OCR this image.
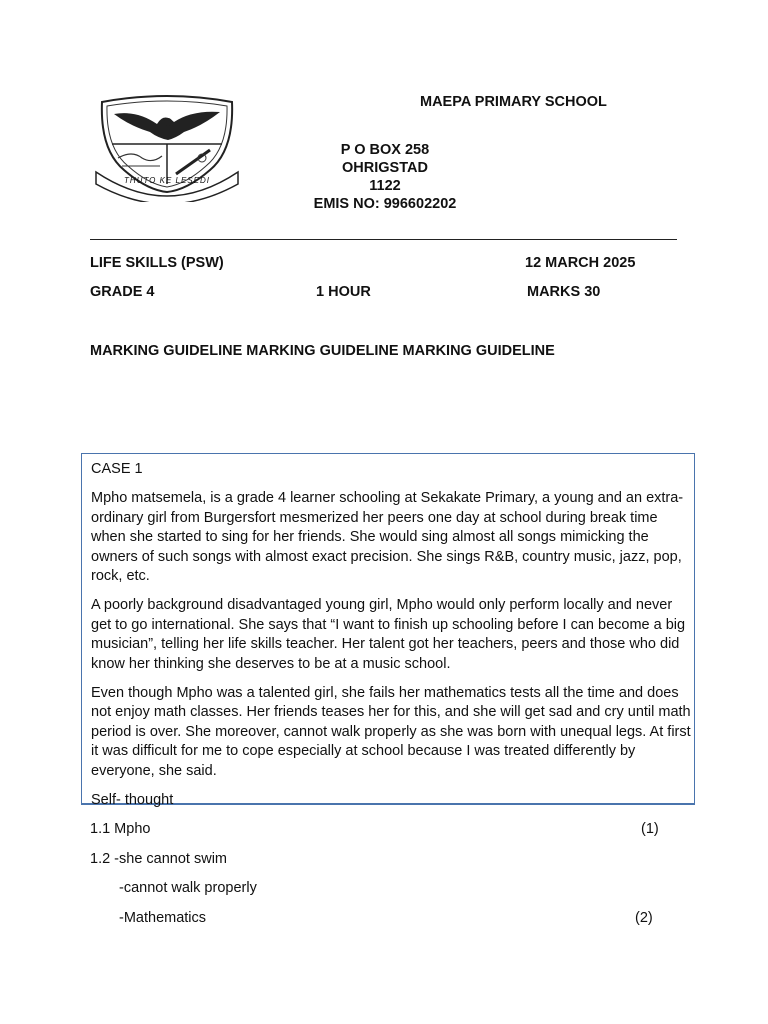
THUTO KE LESEDI
MAEPA PRIMARY SCHOOL
P O BOX 258
OHRIGSTAD
1122
EMIS NO: 996602202
LIFE SKILLS (PSW)	12 MARCH 2025
GRADE 4	1 HOUR	MARKS 30
MARKING GUIDELINE MARKING GUIDELINE MARKING GUIDELINE

CASE 1

Mpho matsemela, is a grade 4 learner schooling at Sekakate Primary, a young and an extra-ordinary girl from Burgersfort mesmerized her peers one day at school during break time when she started to sing for her friends. She would sing almost all songs mimicking the owners of such songs with almost exact precision. She sings R&B, country music, jazz, pop, rock, etc.

A poorly background disadvantaged young girl, Mpho would only perform locally and never get to go international. She says that “I want to finish up schooling before I can become a big musician”, telling her life skills teacher. Her talent got her teachers, peers and those who did know her thinking she deserves to be at a music school.

Even though Mpho was a talented girl, she fails her mathematics tests all the time and does not enjoy math classes. Her friends teases her for this, and she will get sad and cry until math period is over. She moreover, cannot walk properly as she was born with unequal legs. At first it was difficult for me to cope especially at school because I was treated differently by everyone, she said.

Self- thought

1.1 Mpho	(1)
1.2 -she cannot swim
-cannot walk properly
-Mathematics	(2)
